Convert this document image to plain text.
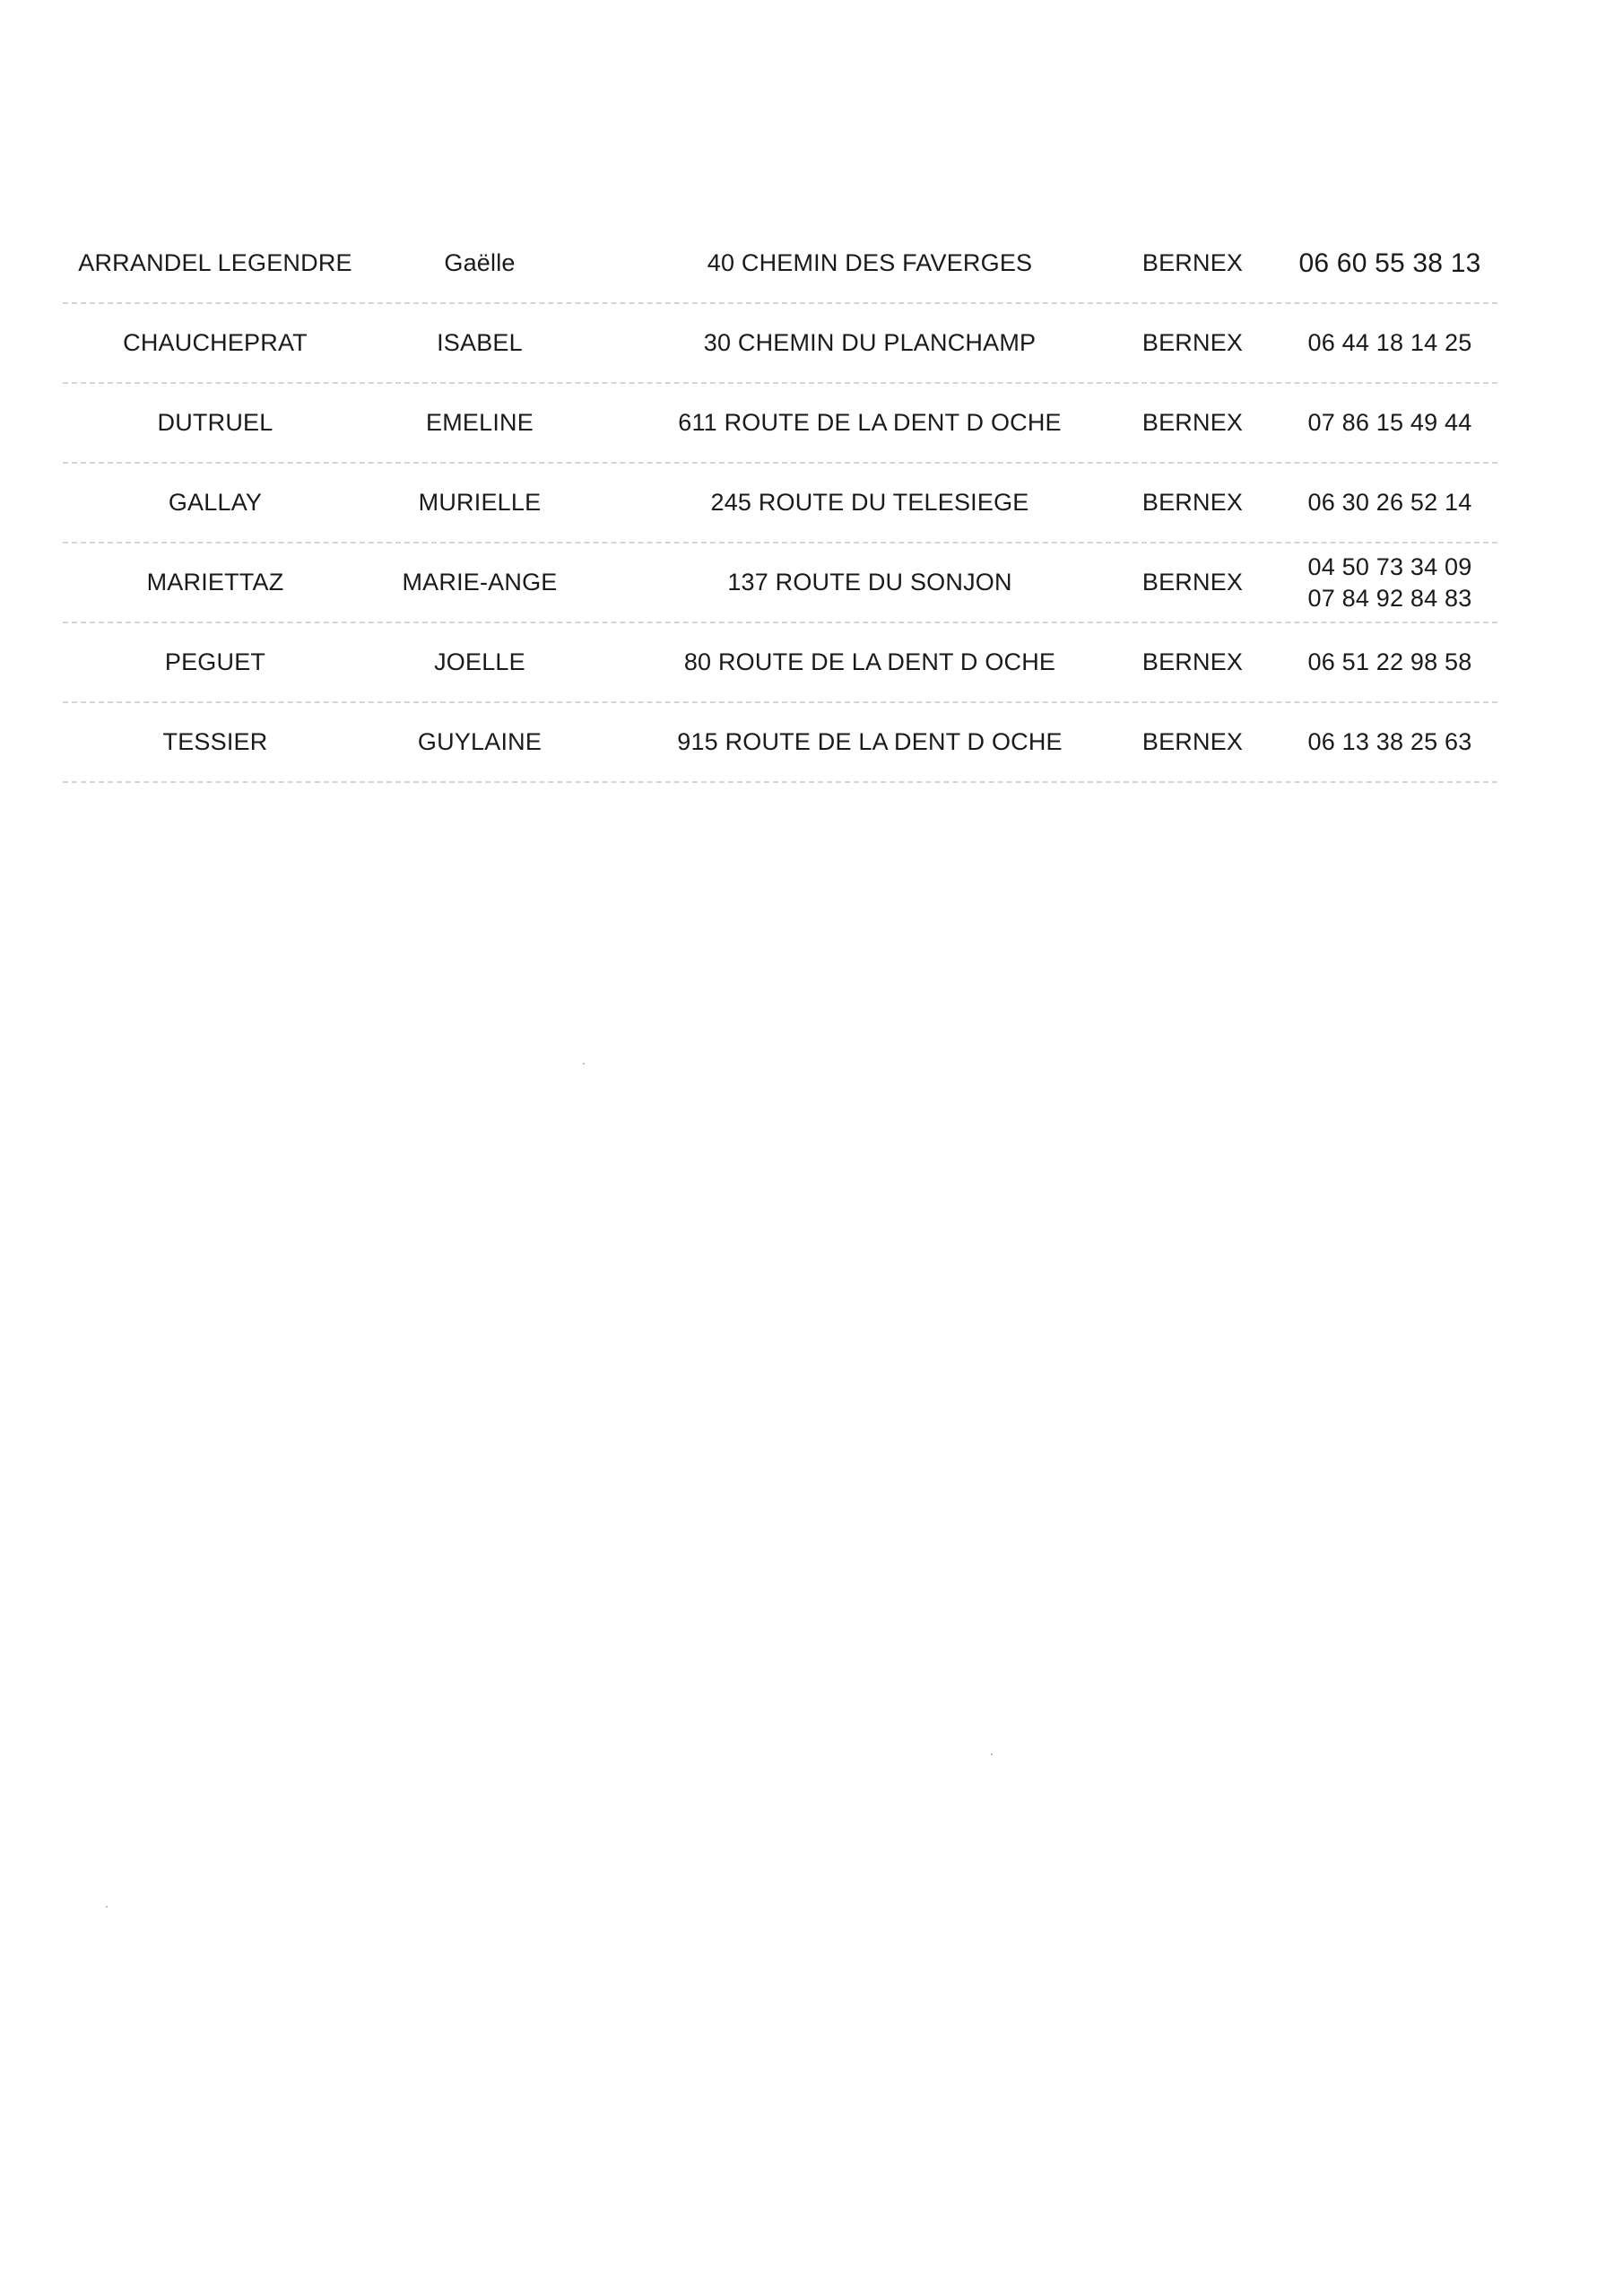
ARRANDEL LEGENDRE	Gaëlle	40 CHEMIN DES FAVERGES	BERNEX	06 60 55 38 13
CHAUCHEPRAT	ISABEL	30 CHEMIN DU PLANCHAMP	BERNEX	06 44 18 14 25
DUTRUEL	EMELINE	611 ROUTE DE LA DENT D OCHE	BERNEX	07 86 15 49 44
GALLAY	MURIELLE	245 ROUTE DU TELESIEGE	BERNEX	06 30 26 52 14
MARIETTAZ	MARIE-ANGE	137 ROUTE DU SONJON	BERNEX
04 50 73 34 09
07 84 92 84 83
PEGUET	JOELLE	80 ROUTE DE LA DENT D OCHE	BERNEX	06 51 22 98 58
TESSIER	GUYLAINE	915 ROUTE DE LA DENT D OCHE	BERNEX	06 13 38 25 63
